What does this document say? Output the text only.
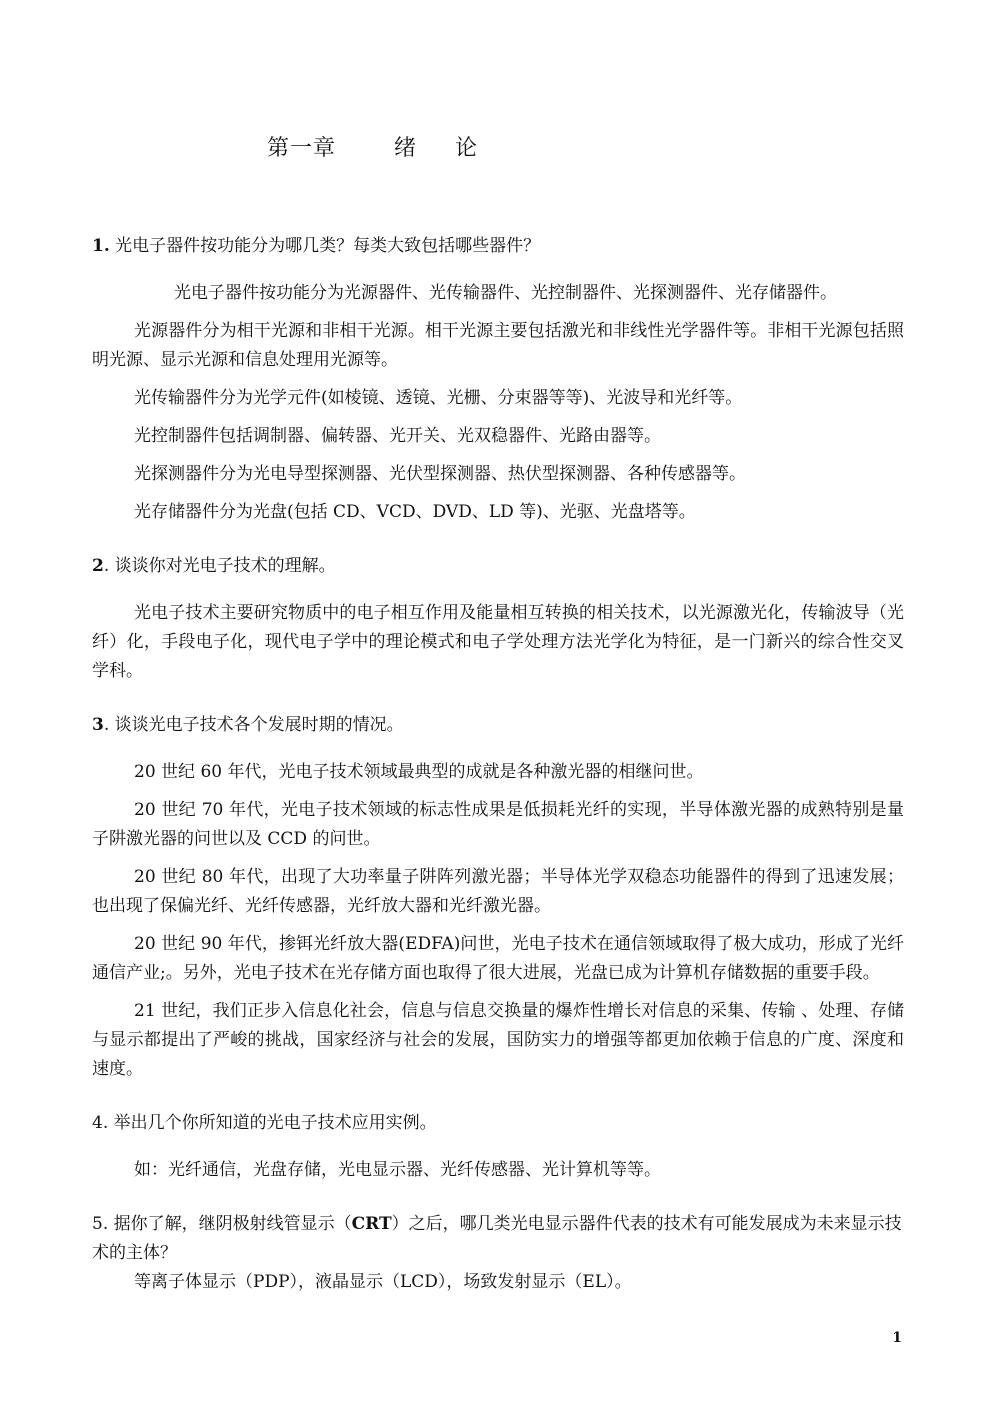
第一章	绪 论

1. 光电子器件按功能分为哪几类？每类大致包括哪些器件？

光电子器件按功能分为光源器件、光传输器件、光控制器件、光探测器件、光存储器件。

光源器件分为相干光源和非相干光源。相干光源主要包括激光和非线性光学器件等。非相干光源包括照明光源、显示光源和信息处理用光源等。

光传输器件分为光学元件(如棱镜、透镜、光栅、分束器等等)、光波导和光纤等。

光控制器件包括调制器、偏转器、光开关、光双稳器件、光路由器等。

光探测器件分为光电导型探测器、光伏型探测器、热伏型探测器、各种传感器等。

光存储器件分为光盘(包括 CD、VCD、DVD、LD 等)、光驱、光盘塔等。

2. 谈谈你对光电子技术的理解。

光电子技术主要研究物质中的电子相互作用及能量相互转换的相关技术，以光源激光化，传输波导（光纤）化，手段电子化，现代电子学中的理论模式和电子学处理方法光学化为特征，是一门新兴的综合性交叉学科。

3. 谈谈光电子技术各个发展时期的情况。

20 世纪 60 年代，光电子技术领域最典型的成就是各种激光器的相继问世。

20 世纪 70 年代，光电子技术领域的标志性成果是低损耗光纤的实现，半导体激光器的成熟特别是量子阱激光器的问世以及 CCD 的问世。

20 世纪 80 年代，出现了大功率量子阱阵列激光器；半导体光学双稳态功能器件的得到了迅速发展；也出现了保偏光纤、光纤传感器，光纤放大器和光纤激光器。

20 世纪 90 年代，掺铒光纤放大器(EDFA)问世，光电子技术在通信领域取得了极大成功，形成了光纤通信产业;。另外，光电子技术在光存储方面也取得了很大进展，光盘已成为计算机存储数据的重要手段。

21 世纪，我们正步入信息化社会，信息与信息交换量的爆炸性增长对信息的采集、传输 、处理、存储与显示都提出了严峻的挑战，国家经济与社会的发展，国防实力的增强等都更加依赖于信息的广度、深度和速度。

4. 举出几个你所知道的光电子技术应用实例。

如：光纤通信，光盘存储，光电显示器、光纤传感器、光计算机等等。

5. 据你了解，继阴极射线管显示（CRT）之后，哪几类光电显示器件代表的技术有可能发展成为未来显示技术的主体？

等离子体显示（PDP），液晶显示（LCD），场致发射显示（EL）。

1
